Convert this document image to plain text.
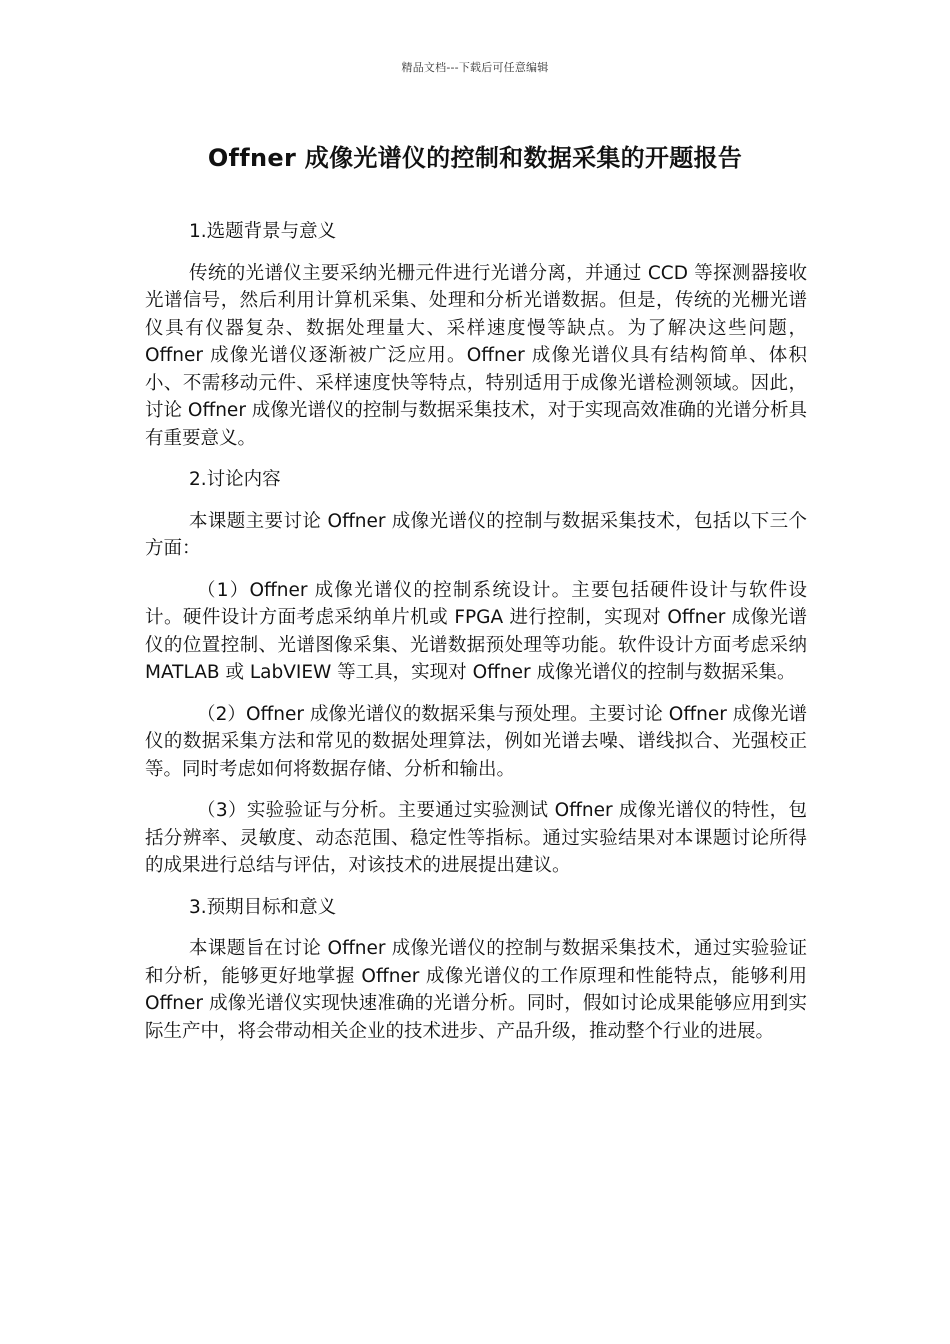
精品文档---下载后可任意编辑
Offner 成像光谱仪的控制和数据采集的开题报告

1.选题背景与意义

传统的光谱仪主要采纳光栅元件进行光谱分离，并通过 CCD 等探测器接收光谱信号，然后利用计算机采集、处理和分析光谱数据。但是，传统的光栅光谱仪具有仪器复杂、数据处理量大、采样速度慢等缺点。为了解决这些问题，Offner 成像光谱仪逐渐被广泛应用。Offner 成像光谱仪具有结构简单、体积小、不需移动元件、采样速度快等特点，特别适用于成像光谱检测领域。因此，讨论 Offner 成像光谱仪的控制与数据采集技术，对于实现高效准确的光谱分析具有重要意义。

2.讨论内容

本课题主要讨论 Offner 成像光谱仪的控制与数据采集技术，包括以下三个方面：

（1）Offner 成像光谱仪的控制系统设计。主要包括硬件设计与软件设计。硬件设计方面考虑采纳单片机或 FPGA 进行控制，实现对 Offner 成像光谱仪的位置控制、光谱图像采集、光谱数据预处理等功能。软件设计方面考虑采纳 MATLAB 或 LabVIEW 等工具，实现对 Offner 成像光谱仪的控制与数据采集。

（2）Offner 成像光谱仪的数据采集与预处理。主要讨论 Offner 成像光谱仪的数据采集方法和常见的数据处理算法，例如光谱去噪、谱线拟合、光强校正等。同时考虑如何将数据存储、分析和输出。

（3）实验验证与分析。主要通过实验测试 Offner 成像光谱仪的特性，包括分辨率、灵敏度、动态范围、稳定性等指标。通过实验结果对本课题讨论所得的成果进行总结与评估，对该技术的进展提出建议。

3.预期目标和意义

本课题旨在讨论 Offner 成像光谱仪的控制与数据采集技术，通过实验验证和分析，能够更好地掌握 Offner 成像光谱仪的工作原理和性能特点，能够利用 Offner 成像光谱仪实现快速准确的光谱分析。同时，假如讨论成果能够应用到实际生产中，将会带动相关企业的技术进步、产品升级，推动整个行业的进展。
